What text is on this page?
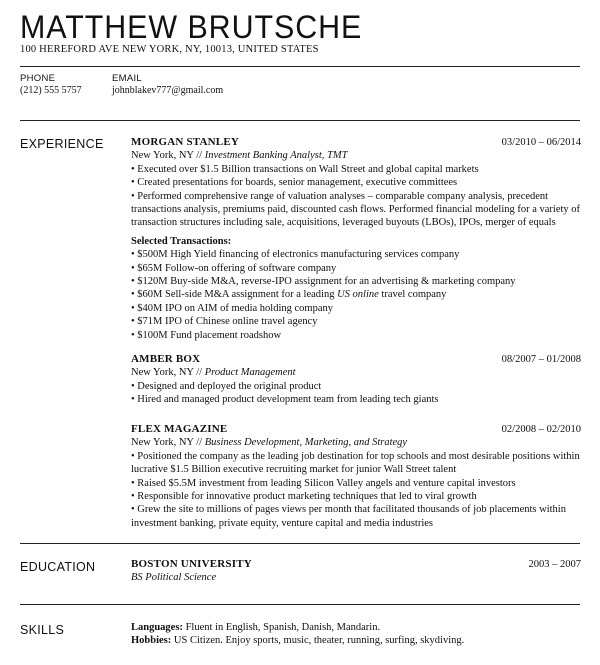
MATTHEW BRUTSCHE
100 HEREFORD AVE NEW YORK, NY, 10013, UNITED STATES
PHONE
(212) 555 5757
EMAIL
johnblakev777@gmail.com
EXPERIENCE MORGAN STANLEY	03/2010 – 06/2014
New York, NY // Investment Banking Analyst, TMT
• Executed over $1.5 Billion transactions on Wall Street and global capital markets
• Created presentations for boards, senior management, executive committees
• Performed comprehensive range of valuation analyses – comparable company analysis, precedent transactions analysis, premiums paid, discounted cash flows. Performed financial modeling for a variety of transaction structures including sale, acquisitions, leveraged buyouts (LBOs), IPOs, merger of equals
Selected Transactions:
• $500M High Yield financing of electronics manufacturing services company
• $65M Follow-on offering of software company
• $120M Buy-side M&A, reverse-IPO assignment for an advertising & marketing company
• $60M Sell-side M&A assignment for a leading US online travel company
• $40M IPO on AIM of media holding company
• $71M IPO of Chinese online travel agency
• $100M Fund placement roadshow
AMBER BOX	08/2007 – 01/2008
New York, NY // Product Management
• Designed and deployed the original product
• Hired and managed product development team from leading tech giants
FLEX MAGAZINE	02/2008 – 02/2010
New York, NY // Business Development, Marketing, and Strategy
• Positioned the company as the leading job destination for top schools and most desirable positions within lucrative $1.5 Billion executive recruiting market for junior Wall Street talent
• Raised $5.5M investment from leading Silicon Valley angels and venture capital investors
• Responsible for innovative product marketing techniques that led to viral growth
• Grew the site to millions of pages views per month that facilitated thousands of job placements within investment banking, private equity, venture capital and media industries
EDUCATION	BOSTON UNIVERSITY	2003 – 2007
BS Political Science
SKILLS	Languages: Fluent in English, Spanish, Danish, Mandarin.
Hobbies: US Citizen. Enjoy sports, music, theater, running, surfing, skydiving.
